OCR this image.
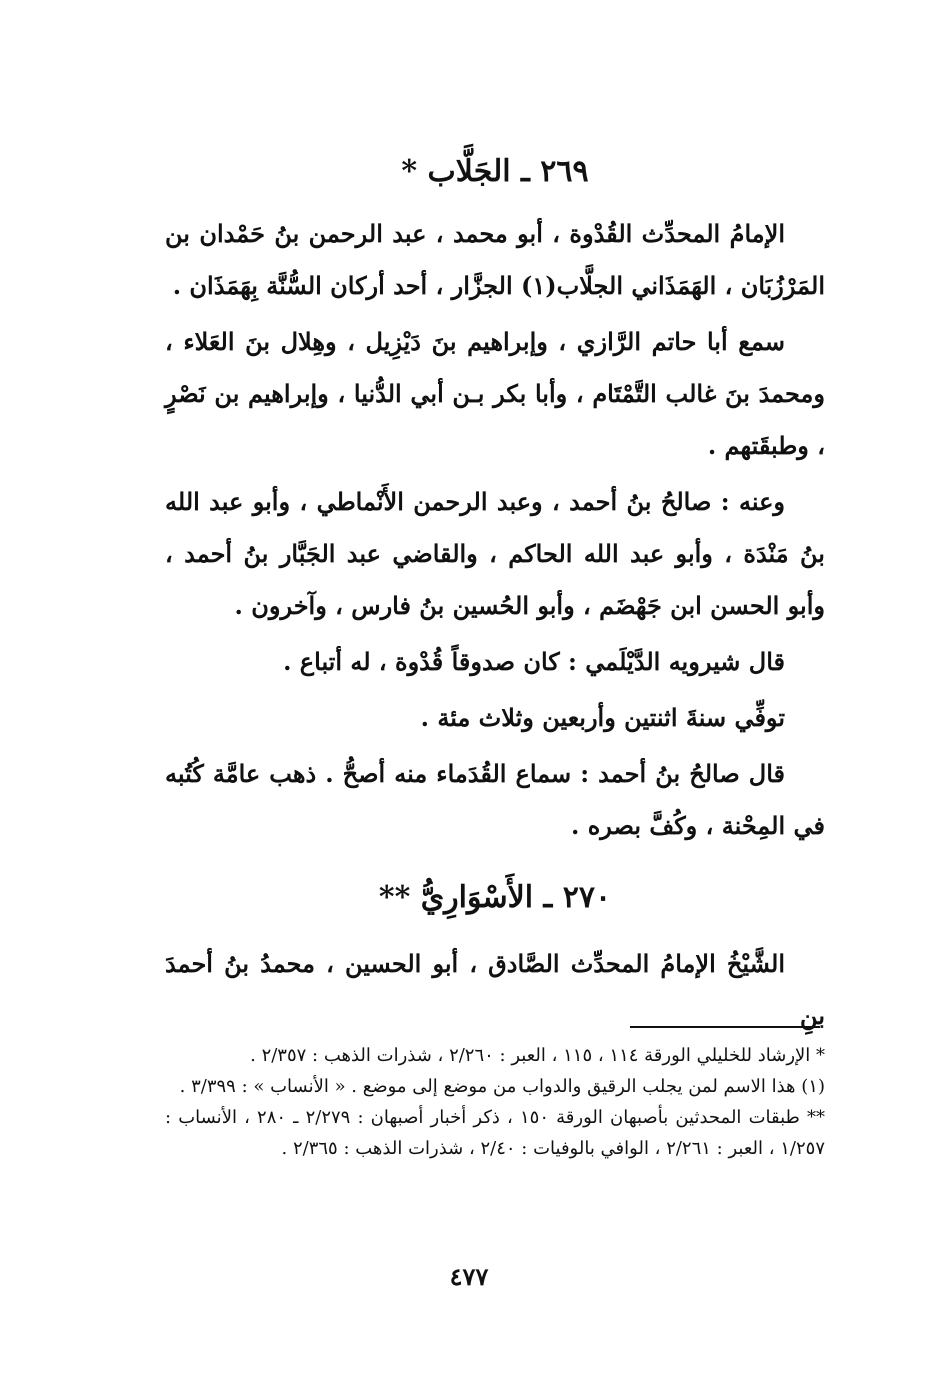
٢٦٩ ـ الجَلَّاب *

الإمامُ المحدِّث القُدْوة ، أبو محمد ، عبد الرحمن بنُ حَمْدان بن المَرْزُبَان ، الهَمَذَاني الجلَّاب(١) الجزَّار ، أحد أركان السُّنَّة بِهَمَذَان .

سمع أبا حاتم الرَّازي ، وإبراهيم بنَ دَيْزِيل ، وهِلال بنَ العَلاء ، ومحمدَ بنَ غالب التَّمْتَام ، وأبا بكر بـن أبي الدُّنيا ، وإبراهيم بن نَصْرٍ ، وطبقَتهم .

وعنه : صالحُ بنُ أحمد ، وعبد الرحمن الأَنْماطي ، وأبو عبد الله بنُ مَنْدَة ، وأبو عبد الله الحاكم ، والقاضي عبد الجَبَّار بنُ أحمد ، وأبو الحسن ابن جَهْضَم ، وأبو الحُسين بنُ فارس ، وآخرون .

قال شيرويه الدَّيْلَمي : كان صدوقاً قُدْوة ، له أتباع .

توفِّي سنةَ اثنتين وأربعين وثلاث مئة .

قال صالحُ بنُ أحمد : سماع القُدَماء منه أصحُّ . ذهب عامَّة كُتُبه في المِحْنة ، وكُفَّ بصره .

٢٧٠ ـ الأَسْوَارِيُّ **

الشَّيْخُ الإمامُ المحدِّث الصَّادق ، أبو الحسين ، محمدُ بنُ أحمدَ بنِ

* الإرشاد للخليلي الورقة ١١٤ ، ١١٥ ، العبر : ٢/٢٦٠ ، شذرات الذهب : ٢/٣٥٧ .

(١) هذا الاسم لمن يجلب الرقيق والدواب من موضع إلى موضع . « الأنساب » : ٣/٣٩٩ .

** طبقات المحدثين بأصبهان الورقة ١٥٠ ، ذكر أخبار أصبهان : ٢/٢٧٩ ـ ٢٨٠ ، الأنساب : ١/٢٥٧ ، العبر : ٢/٢٦١ ، الوافي بالوفيات : ٢/٤٠ ، شذرات الذهب : ٢/٣٦٥ .

٤٧٧
